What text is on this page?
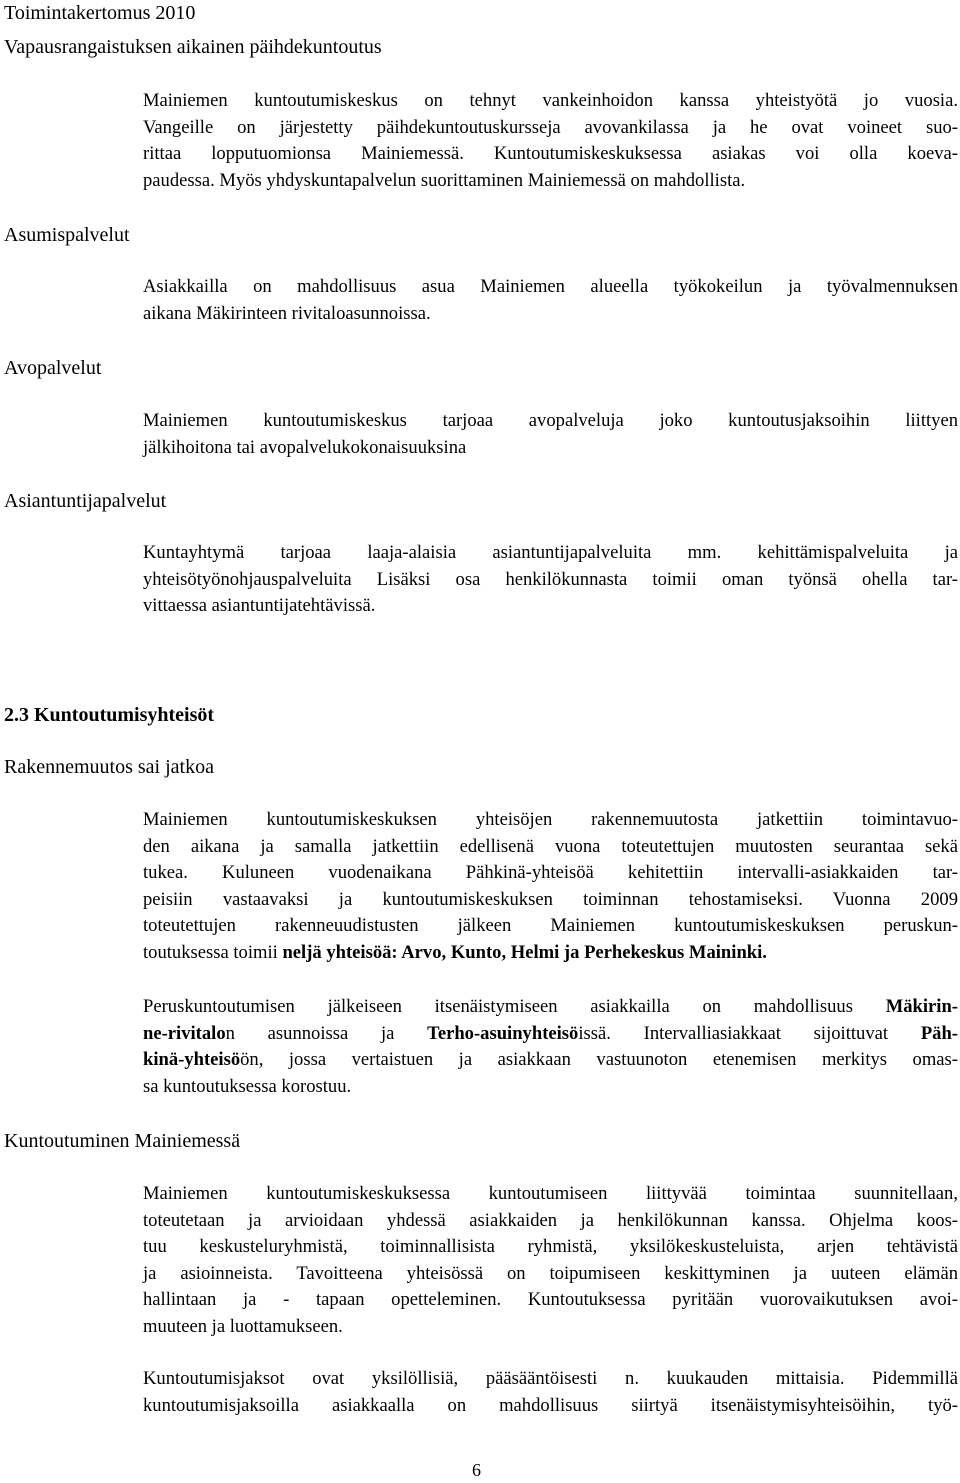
Toimintakertomus 2010
Vapausrangaistuksen aikainen päihdekuntoutus
Mainiemen kuntoutumiskeskus on tehnyt vankeinhoidon kanssa yhteistyötä jo vuosia.
Vangeille on järjestetty päihdekuntoutuskursseja avovankilassa ja he ovat voineet suo-
rittaa lopputuomionsa Mainiemessä. Kuntoutumiskeskuksessa asiakas voi olla koeva-
paudessa. Myös yhdyskuntapalvelun suorittaminen Mainiemessä on mahdollista.
Asumispalvelut
Asiakkailla on mahdollisuus asua Mainiemen alueella työkokeilun ja työvalmennuksen
aikana Mäkirinteen rivitaloasunnoissa.
Avopalvelut
Mainiemen kuntoutumiskeskus tarjoaa avopalveluja joko kuntoutusjaksoihin liittyen
jälkihoitona tai avopalvelukokonaisuuksina
Asiantuntijapalvelut
Kuntayhtymä tarjoaa laaja-alaisia asiantuntijapalveluita mm. kehittämispalveluita ja
yhteisötyönohjauspalveluita Lisäksi osa henkilökunnasta toimii oman työnsä ohella tar-
vittaessa asiantuntijatehtävissä.
2.3 Kuntoutumisyhteisöt
Rakennemuutos sai jatkoa
Mainiemen kuntoutumiskeskuksen yhteisöjen rakennemuutosta jatkettiin toimintavuo-
den aikana ja samalla jatkettiin edellisenä vuona toteutettujen muutosten seurantaa sekä
tukea. Kuluneen vuodenaikana Pähkinä-yhteisöä kehitettiin intervalli-asiakkaiden tar-
peisiin vastaavaksi ja kuntoutumiskeskuksen toiminnan tehostamiseksi. Vuonna 2009
toteutettujen rakenneuudistusten jälkeen Mainiemen kuntoutumiskeskuksen peruskun-
toutuksessa toimii neljä yhteisöä: Arvo, Kunto, Helmi ja Perhekeskus Maininki.
Peruskuntoutumisen jälkeiseen itsenäistymiseen asiakkailla on mahdollisuus Mäkirin-
ne-rivitalon asunnoissa ja Terho-asuinyhteisöissä. Intervalliasiakkaat sijoittuvat Päh-
kinä-yhteisöön, jossa vertaistuen ja asiakkaan vastuunoton etenemisen merkitys omas-
sa kuntoutuksessa korostuu.
Kuntoutuminen Mainiemessä
Mainiemen kuntoutumiskeskuksessa kuntoutumiseen liittyvää toimintaa suunnitellaan,
toteutetaan ja arvioidaan yhdessä asiakkaiden ja henkilökunnan kanssa. Ohjelma koos-
tuu keskusteluryhmistä, toiminnallisista ryhmistä, yksilökeskusteluista, arjen tehtävistä
ja asioinneista. Tavoitteena yhteisössä on toipumiseen keskittyminen ja uuteen elämän
hallintaan ja - tapaan opetteleminen. Kuntoutuksessa pyritään vuorovaikutuksen avoi-
muuteen ja luottamukseen.
Kuntoutumisjaksot ovat yksilöllisiä, pääsääntöisesti n. kuukauden mittaisia. Pidemmillä
kuntoutumisjaksoilla asiakkaalla on mahdollisuus siirtyä itsenäistymisyhteisöihin, työ-
6
